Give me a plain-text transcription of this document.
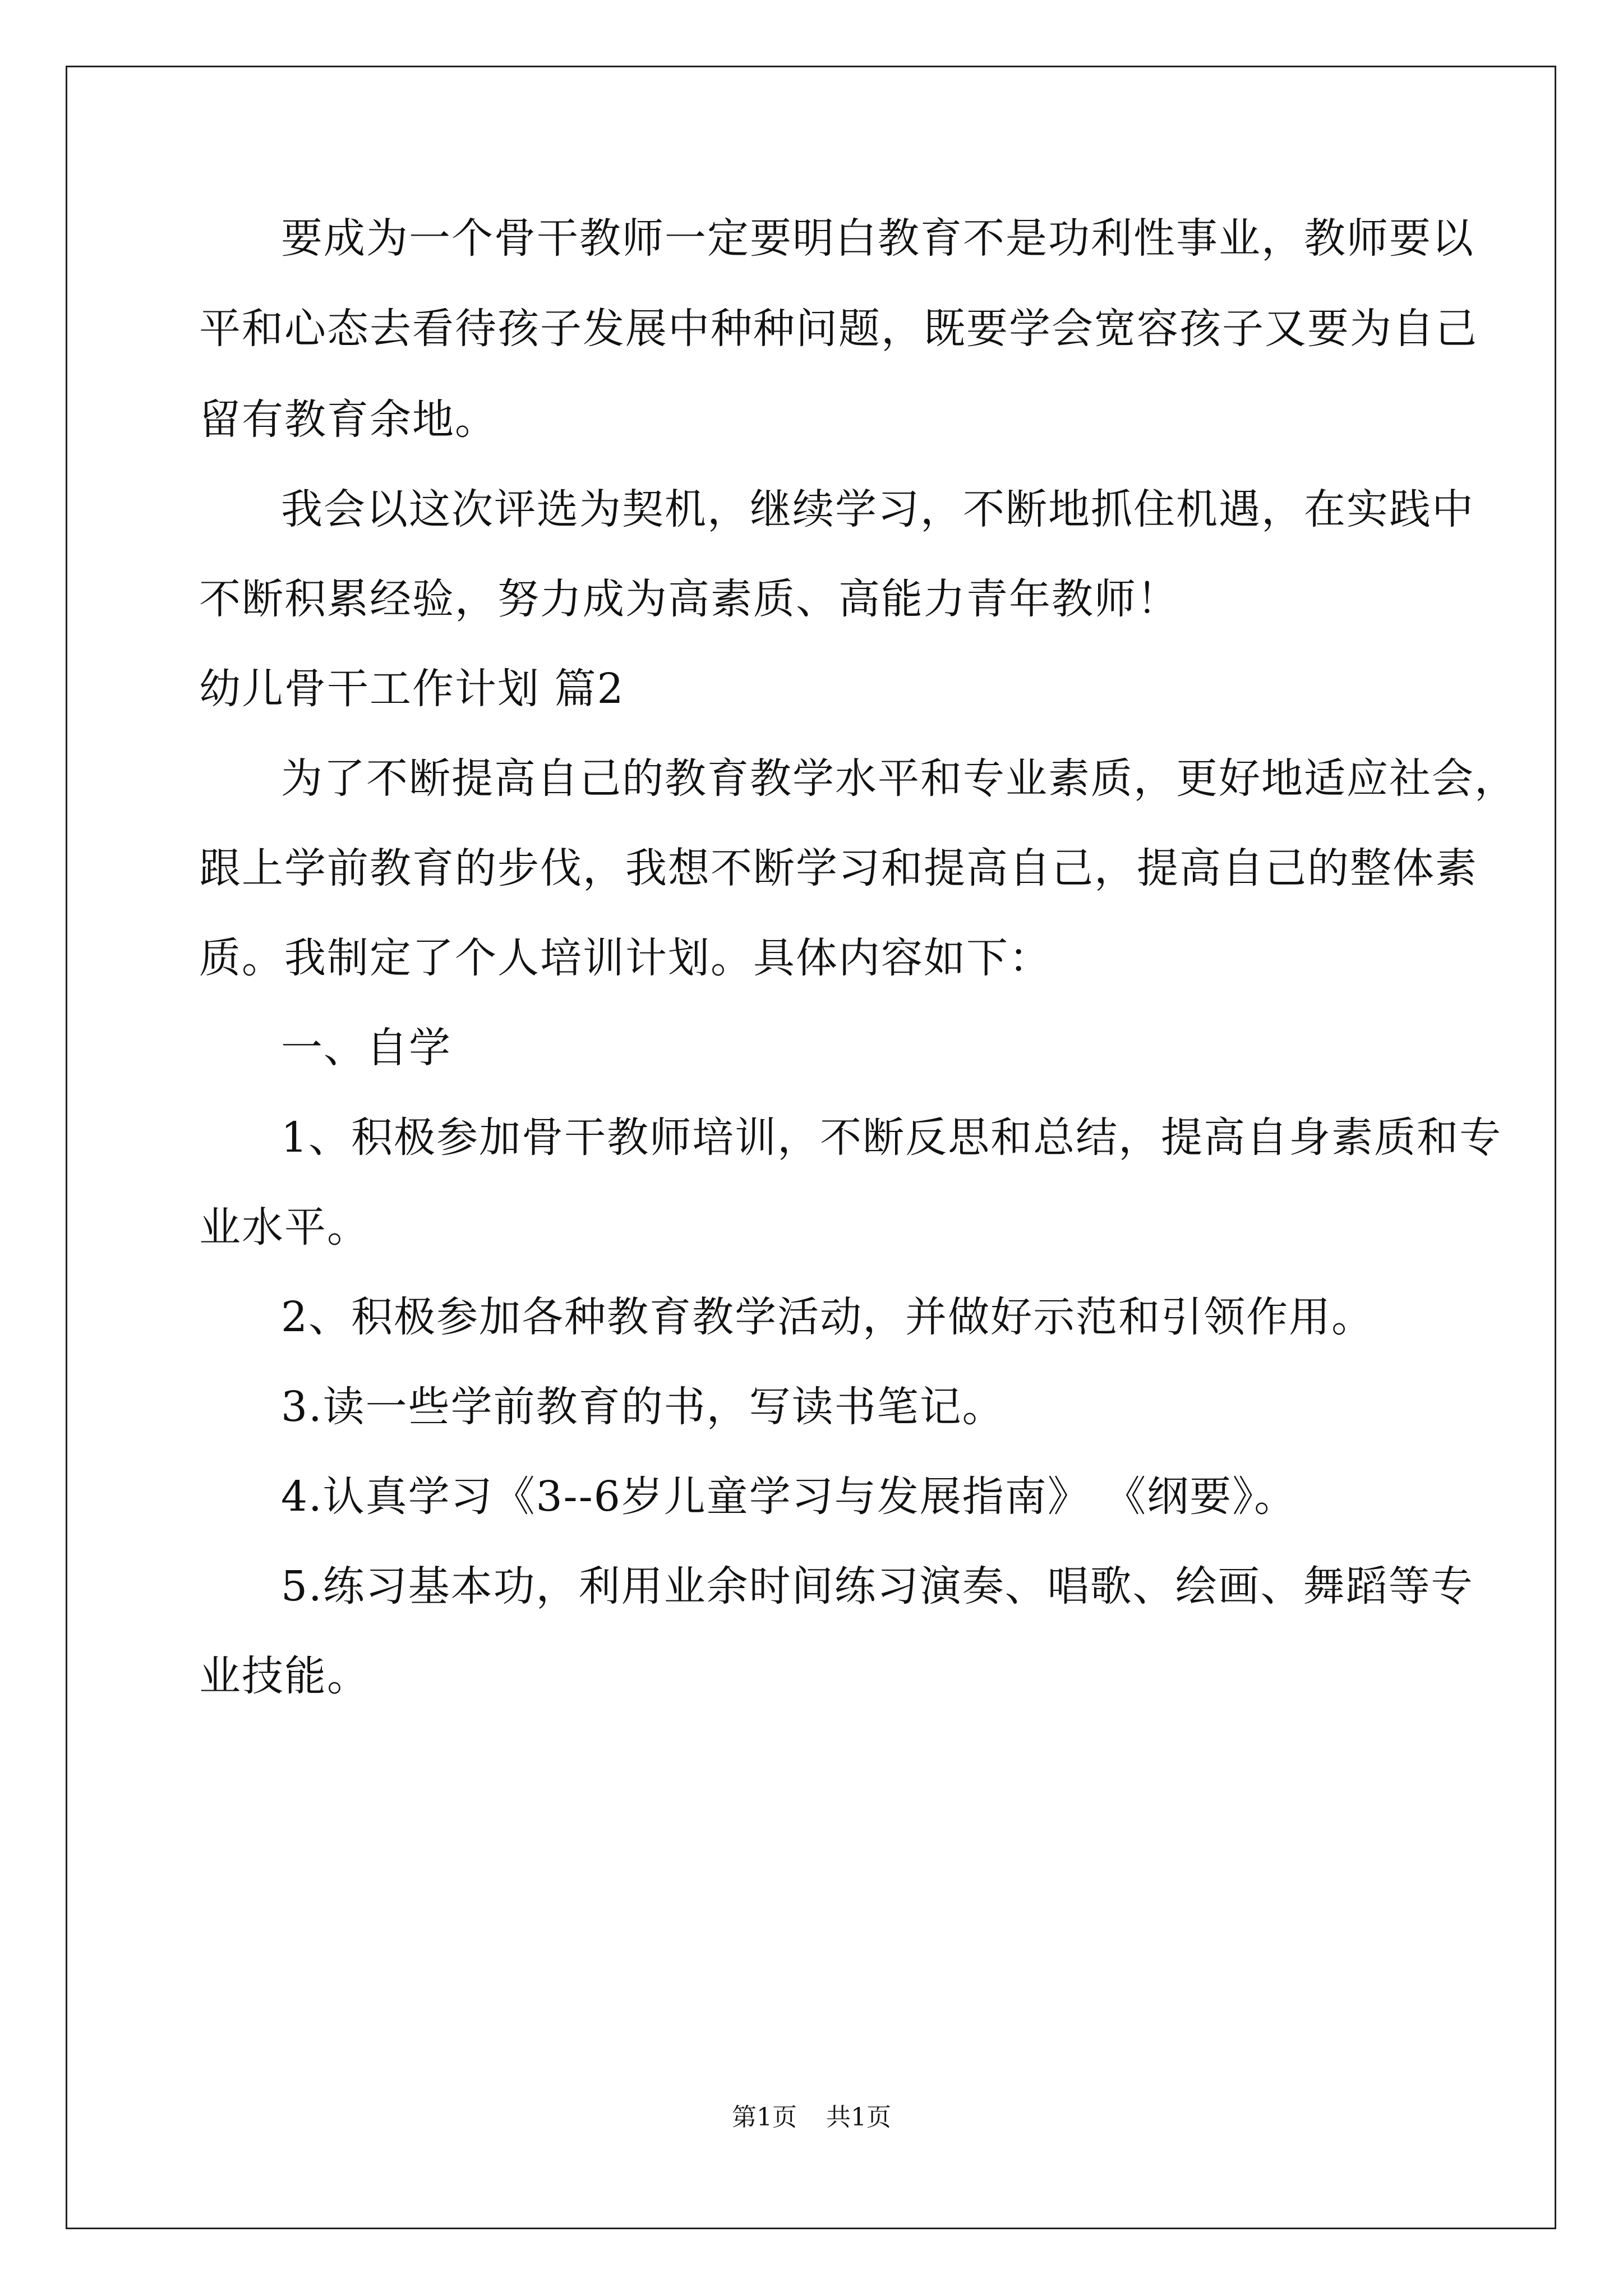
要成为一个骨干教师一定要明白教育不是功利性事业，教师要以
平和心态去看待孩子发展中种种问题，既要学会宽容孩子又要为自己
留有教育余地。
我会以这次评选为契机，继续学习，不断地抓住机遇，在实践中
不断积累经验，努力成为高素质、高能力青年教师！
幼儿骨干工作计划 篇2
为了不断提高自己的教育教学水平和专业素质，更好地适应社会，
跟上学前教育的步伐，我想不断学习和提高自己，提高自己的整体素
质。我制定了个人培训计划。具体内容如下：
一、自学
1、积极参加骨干教师培训，不断反思和总结，提高自身素质和专
业水平。
2、积极参加各种教育教学活动，并做好示范和引领作用。
3.读一些学前教育的书，写读书笔记。
4.认真学习《3--6岁儿童学习与发展指南》 《纲要》。
5.练习基本功，利用业余时间练习演奏、唱歌、绘画、舞蹈等专
业技能。
第1页 共1页
